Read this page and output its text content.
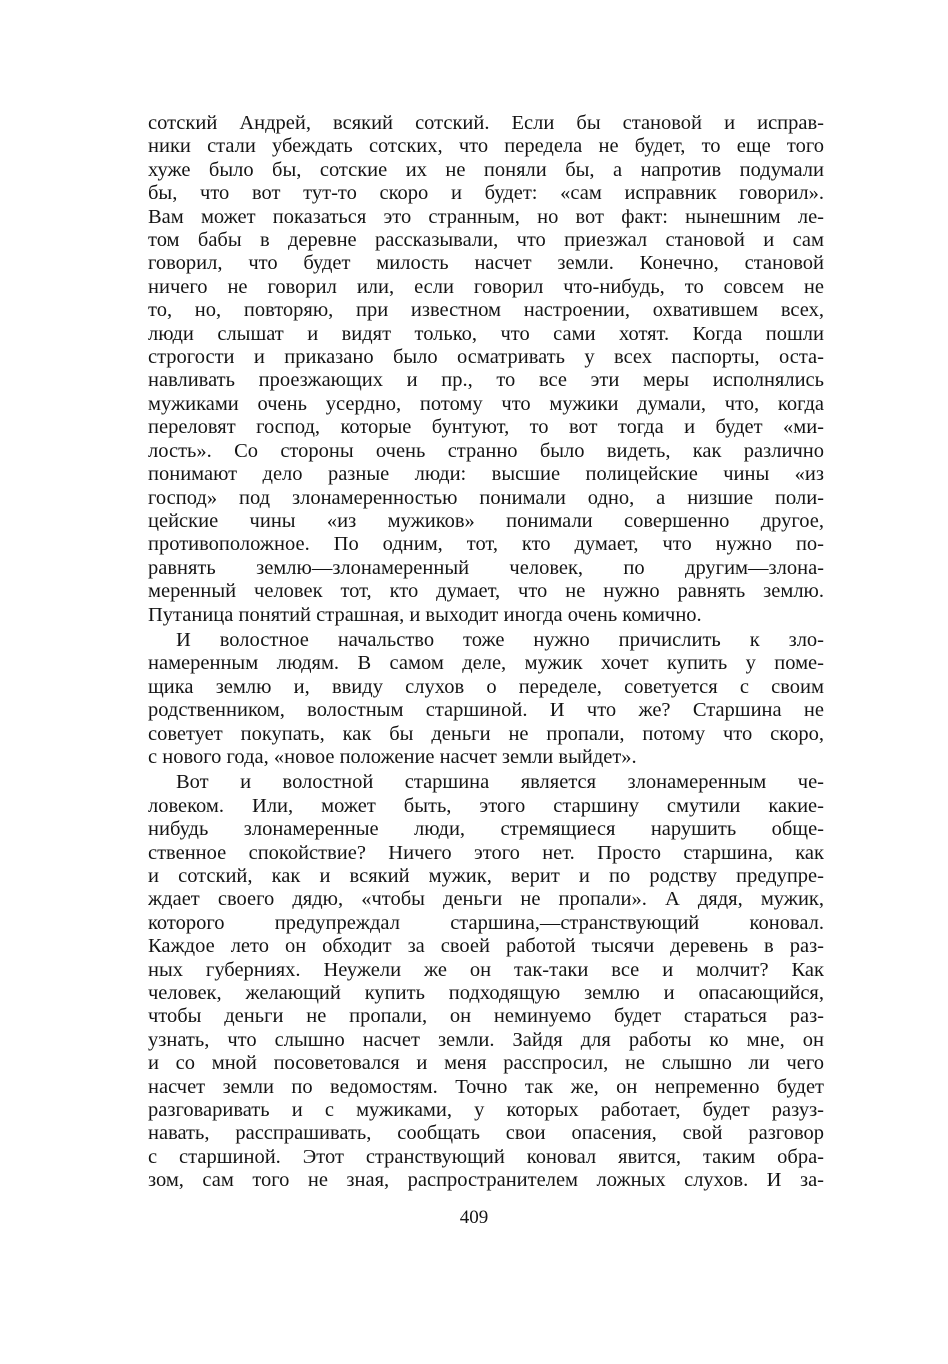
сотский Андрей, всякий сотский. Если бы становой и исправ-
ники стали убеждать сотских, что передела не будет, то еще того
хуже было бы, сотские их не поняли бы, а напротив подумали
бы, что вот тут-то скоро и будет: «сам исправник говорил».
Вам может показаться это странным, но вот факт: нынешним ле-
том бабы в деревне рассказывали, что приезжал становой и сам
говорил, что будет милость насчет земли. Конечно, становой
ничего не говорил или, если говорил что-нибудь, то совсем не
то, но, повторяю, при известном настроении, охватившем всех,
люди слышат и видят только, что сами хотят. Когда пошли
строгости и приказано было осматривать у всех паспорты, оста-
навливать проезжающих и пр., то все эти меры исполнялись
мужиками очень усердно, потому что мужики думали, что, когда
переловят господ, которые бунтуют, то вот тогда и будет «ми-
лость». Со стороны очень странно было видеть, как различно
понимают дело разные люди: высшие полицейские чины «из
господ» под злонамеренностью понимали одно, а низшие поли-
цейские чины «из мужиков» понимали совершенно другое,
противоположное. По одним, тот, кто думает, что нужно по-
равнять землю—злонамеренный человек, по другим—злона-
меренный человек тот, кто думает, что не нужно равнять землю.
Путаница понятий страшная, и выходит иногда очень комично.
И волостное начальство тоже нужно причислить к зло-
намеренным людям. В самом деле, мужик хочет купить у поме-
щика землю и, ввиду слухов о переделе, советуется с своим
родственником, волостным старшиной. И что же? Старшина не
советует покупать, как бы деньги не пропали, потому что скоро,
с нового года, «новое положение насчет земли выйдет».
Вот и волостной старшина является злонамеренным че-
ловеком. Или, может быть, этого старшину смутили какие-
нибудь злонамеренные люди, стремящиеся нарушить обще-
ственное спокойствие? Ничего этого нет. Просто старшина, как
и сотский, как и всякий мужик, верит и по родству предупре-
ждает своего дядю, «чтобы деньги не пропали». А дядя, мужик,
которого предупреждал старшина,—странствующий коновал.
Каждое лето он обходит за своей работой тысячи деревень в раз-
ных губерниях. Неужели же он так-таки все и молчит? Как
человек, желающий купить подходящую землю и опасающийся,
чтобы деньги не пропали, он неминуемо будет стараться раз-
узнать, что слышно насчет земли. Зайдя для работы ко мне, он
и со мной посоветовался и меня расспросил, не слышно ли чего
насчет земли по ведомостям. Точно так же, он непременно будет
разговаривать и с мужиками, у которых работает, будет разуз-
навать, расспрашивать, сообщать свои опасения, свой разговор
с старшиной. Этот странствующий коновал явится, таким обра-
зом, сам того не зная, распространителем ложных слухов. И за-
409
